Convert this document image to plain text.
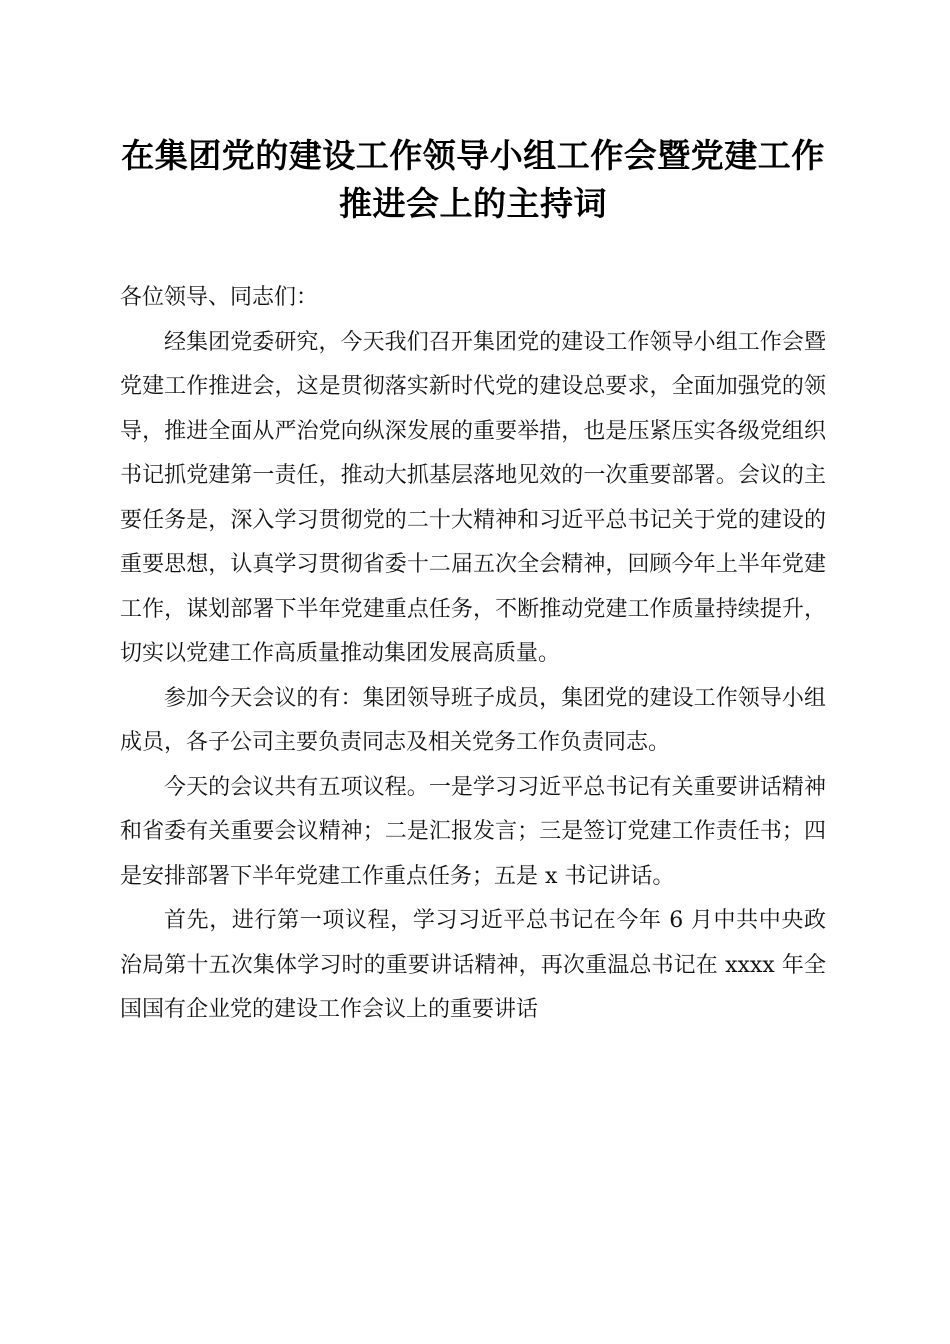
在集团党的建设工作领导小组工作会暨党建工作推进会上的主持词

各位领导、同志们：

经集团党委研究，今天我们召开集团党的建设工作领导小组工作会暨党建工作推进会，这是贯彻落实新时代党的建设总要求，全面加强党的领导，推进全面从严治党向纵深发展的重要举措，也是压紧压实各级党组织书记抓党建第一责任，推动大抓基层落地见效的一次重要部署。会议的主要任务是，深入学习贯彻党的二十大精神和习近平总书记关于党的建设的重要思想，认真学习贯彻省委十二届五次全会精神，回顾今年上半年党建工作，谋划部署下半年党建重点任务，不断推动党建工作质量持续提升，切实以党建工作高质量推动集团发展高质量。

参加今天会议的有：集团领导班子成员，集团党的建设工作领导小组成员，各子公司主要负责同志及相关党务工作负责同志。

今天的会议共有五项议程。一是学习习近平总书记有关重要讲话精神和省委有关重要会议精神；二是汇报发言；三是签订党建工作责任书；四是安排部署下半年党建工作重点任务；五是 x 书记讲话。

首先，进行第一项议程，学习习近平总书记在今年 6 月中共中央政治局第十五次集体学习时的重要讲话精神，再次重温总书记在 xxxx 年全国国有企业党的建设工作会议上的重要讲话
